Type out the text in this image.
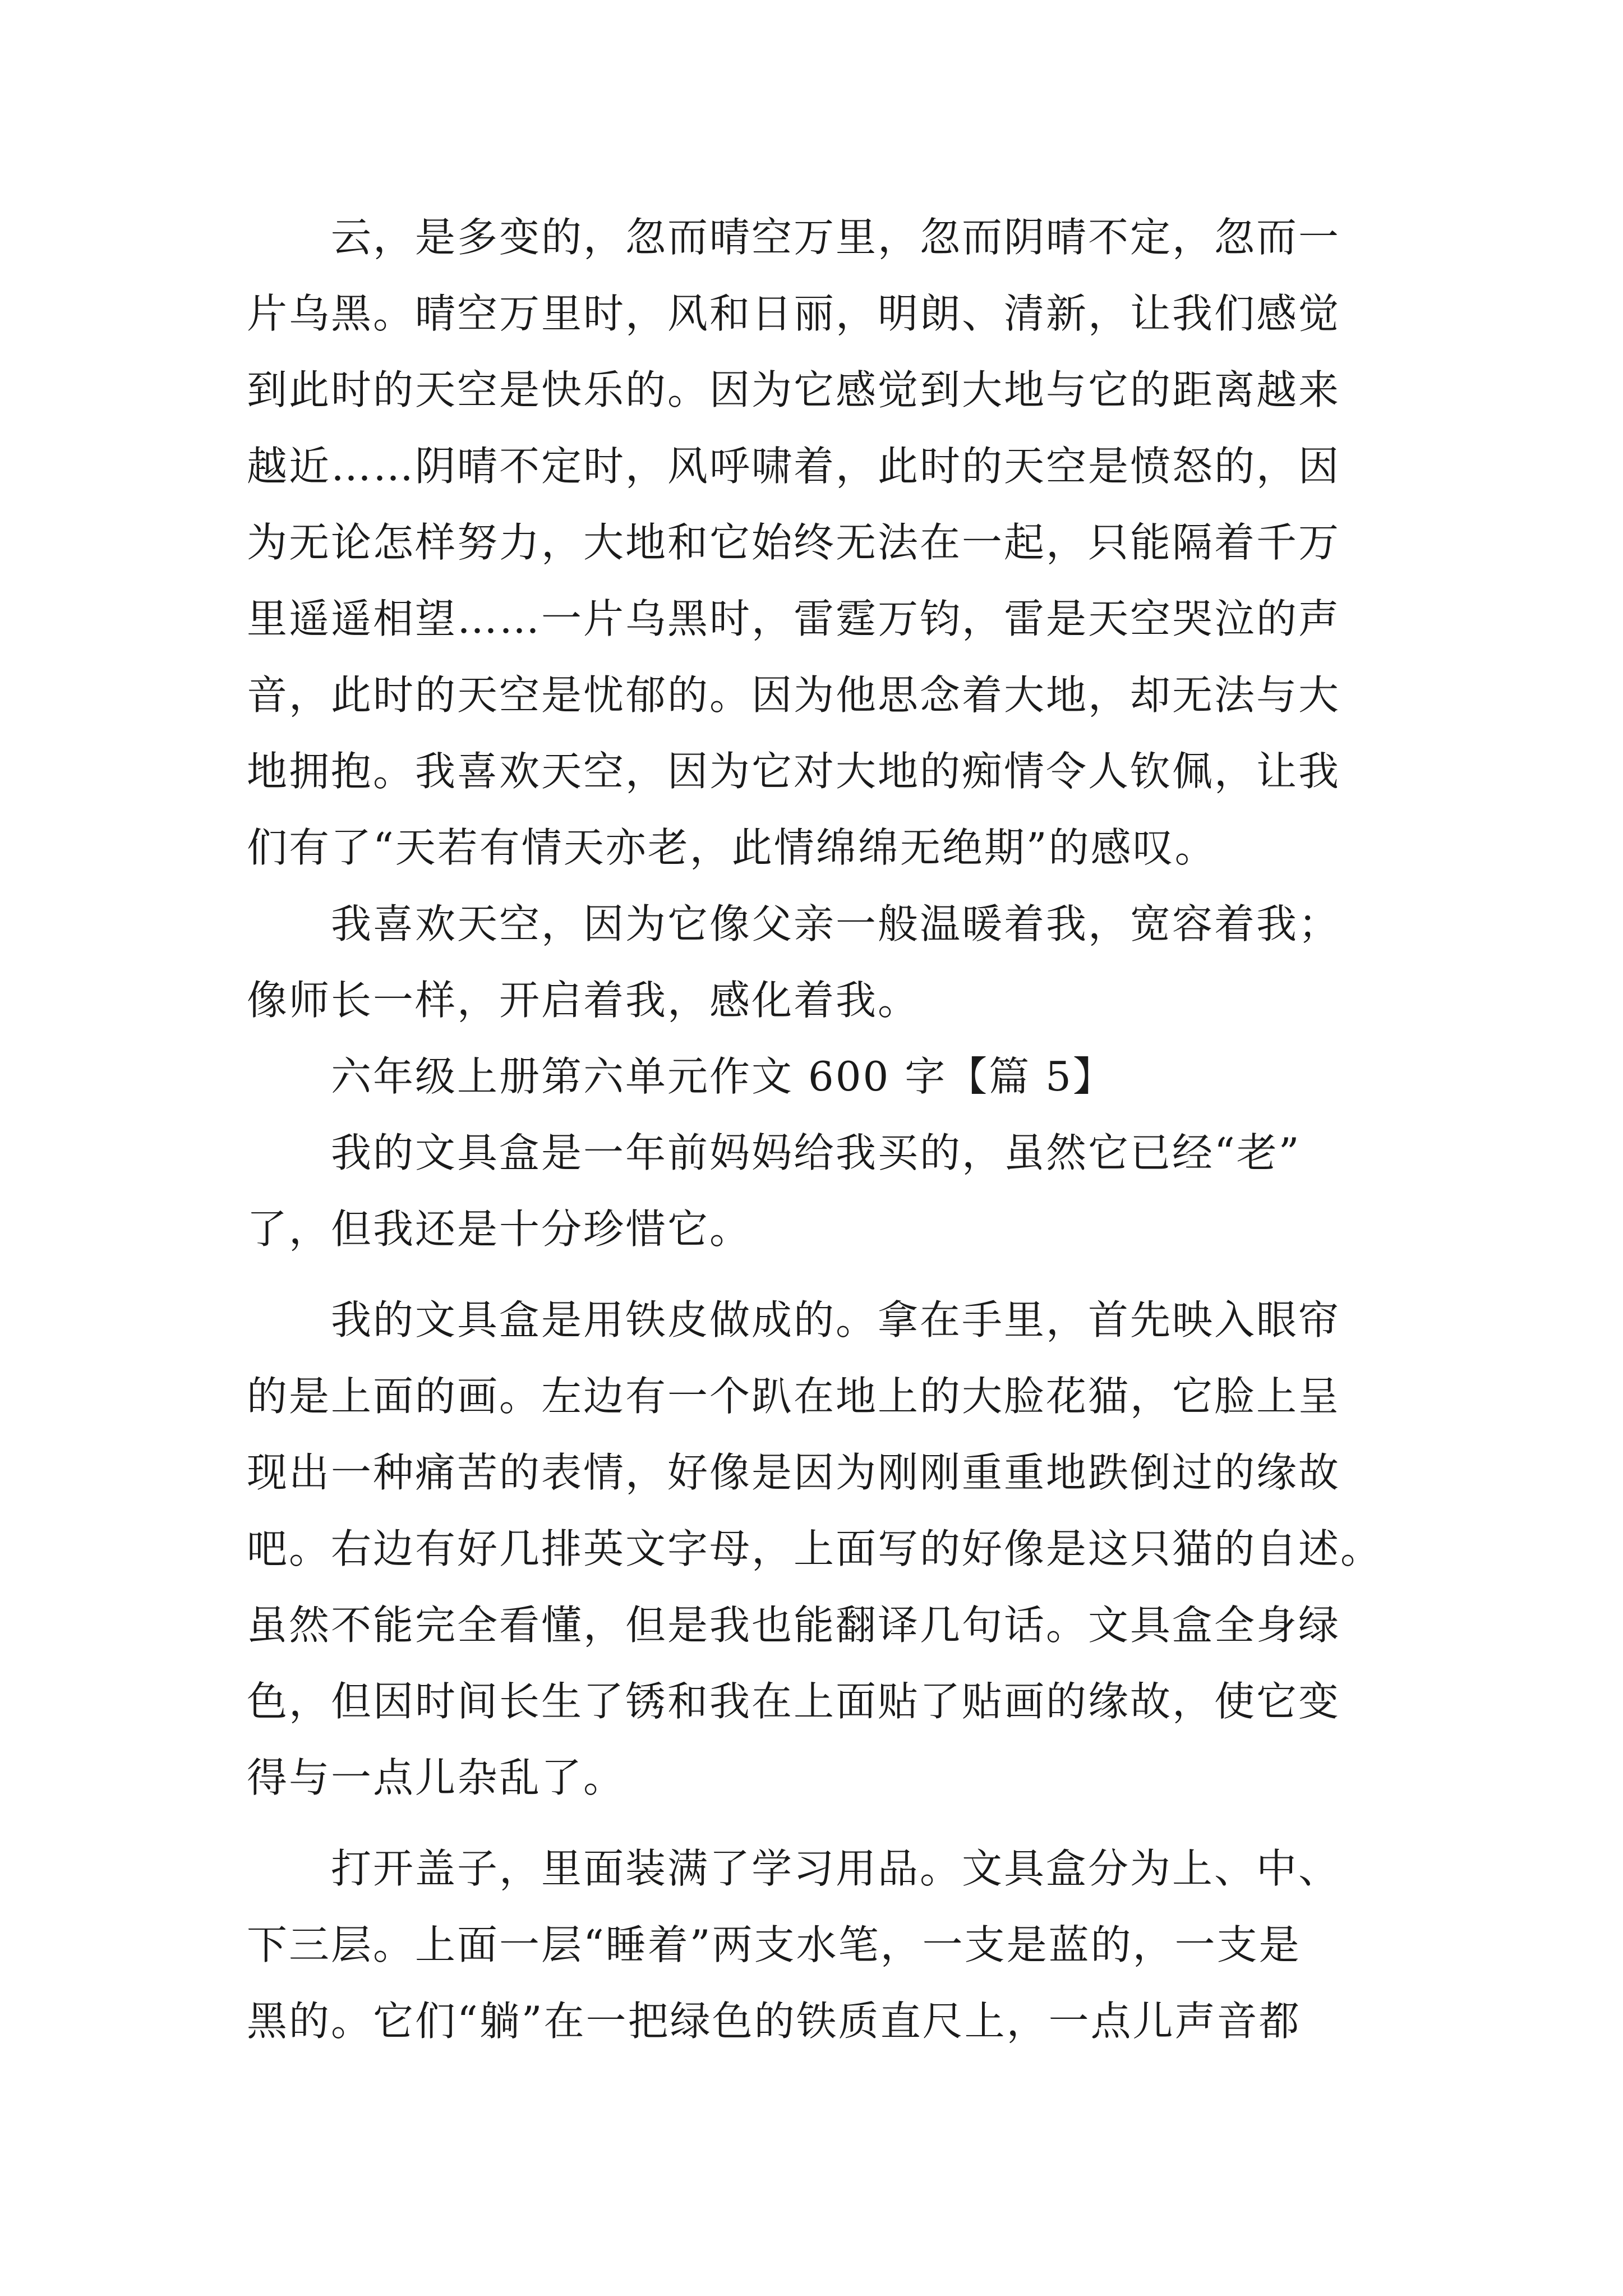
　　云，是多变的，忽而晴空万里，忽而阴晴不定，忽而一
片乌黑。晴空万里时，风和日丽，明朗、清新，让我们感觉
到此时的天空是快乐的。因为它感觉到大地与它的距离越来
越近……阴晴不定时，风呼啸着，此时的天空是愤怒的，因
为无论怎样努力，大地和它始终无法在一起，只能隔着千万
里遥遥相望……一片乌黑时，雷霆万钧，雷是天空哭泣的声
音，此时的天空是忧郁的。因为他思念着大地，却无法与大
地拥抱。我喜欢天空，因为它对大地的痴情令人钦佩，让我
们有了“天若有情天亦老，此情绵绵无绝期”的感叹。
　　我喜欢天空，因为它像父亲一般温暖着我，宽容着我；
像师长一样，开启着我，感化着我。
　　六年级上册第六单元作文 600 字【篇 5】
　　我的文具盒是一年前妈妈给我买的，虽然它已经“老”
了，但我还是十分珍惜它。
　　我的文具盒是用铁皮做成的。拿在手里，首先映入眼帘
的是上面的画。左边有一个趴在地上的大脸花猫，它脸上呈
现出一种痛苦的表情，好像是因为刚刚重重地跌倒过的缘故
吧。右边有好几排英文字母，上面写的好像是这只猫的自述。
虽然不能完全看懂，但是我也能翻译几句话。文具盒全身绿
色，但因时间长生了锈和我在上面贴了贴画的缘故，使它变
得与一点儿杂乱了。
　　打开盖子，里面装满了学习用品。文具盒分为上、中、
下三层。上面一层“睡着”两支水笔，一支是蓝的，一支是
黑的。它们“躺”在一把绿色的铁质直尺上，一点儿声音都
